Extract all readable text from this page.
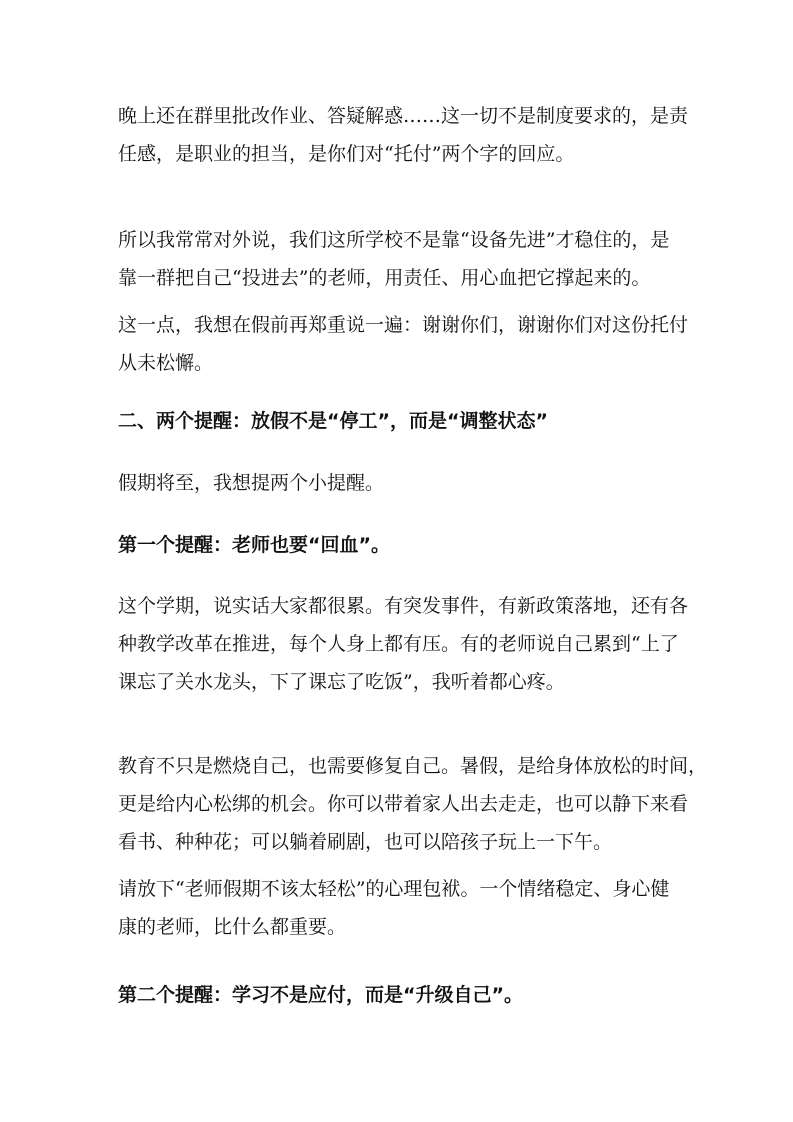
晚上还在群里批改作业、答疑解惑……这一切不是制度要求的，是责
任感，是职业的担当，是你们对“托付”两个字的回应。

所以我常常对外说，我们这所学校不是靠“设备先进”才稳住的，是
靠一群把自己“投进去”的老师，用责任、用心血把它撑起来的。

这一点，我想在假前再郑重说一遍：谢谢你们，谢谢你们对这份托付
从未松懈。

二、两个提醒：放假不是“停工”，而是“调整状态”

假期将至，我想提两个小提醒。

第一个提醒：老师也要“回血”。

这个学期，说实话大家都很累。有突发事件，有新政策落地，还有各
种教学改革在推进，每个人身上都有压。有的老师说自己累到“上了
课忘了关水龙头，下了课忘了吃饭”，我听着都心疼。

教育不只是燃烧自己，也需要修复自己。暑假，是给身体放松的时间，
更是给内心松绑的机会。你可以带着家人出去走走，也可以静下来看
看书、种种花；可以躺着刷剧，也可以陪孩子玩上一下午。

请放下“老师假期不该太轻松”的心理包袱。一个情绪稳定、身心健
康的老师，比什么都重要。

第二个提醒：学习不是应付，而是“升级自己”。
